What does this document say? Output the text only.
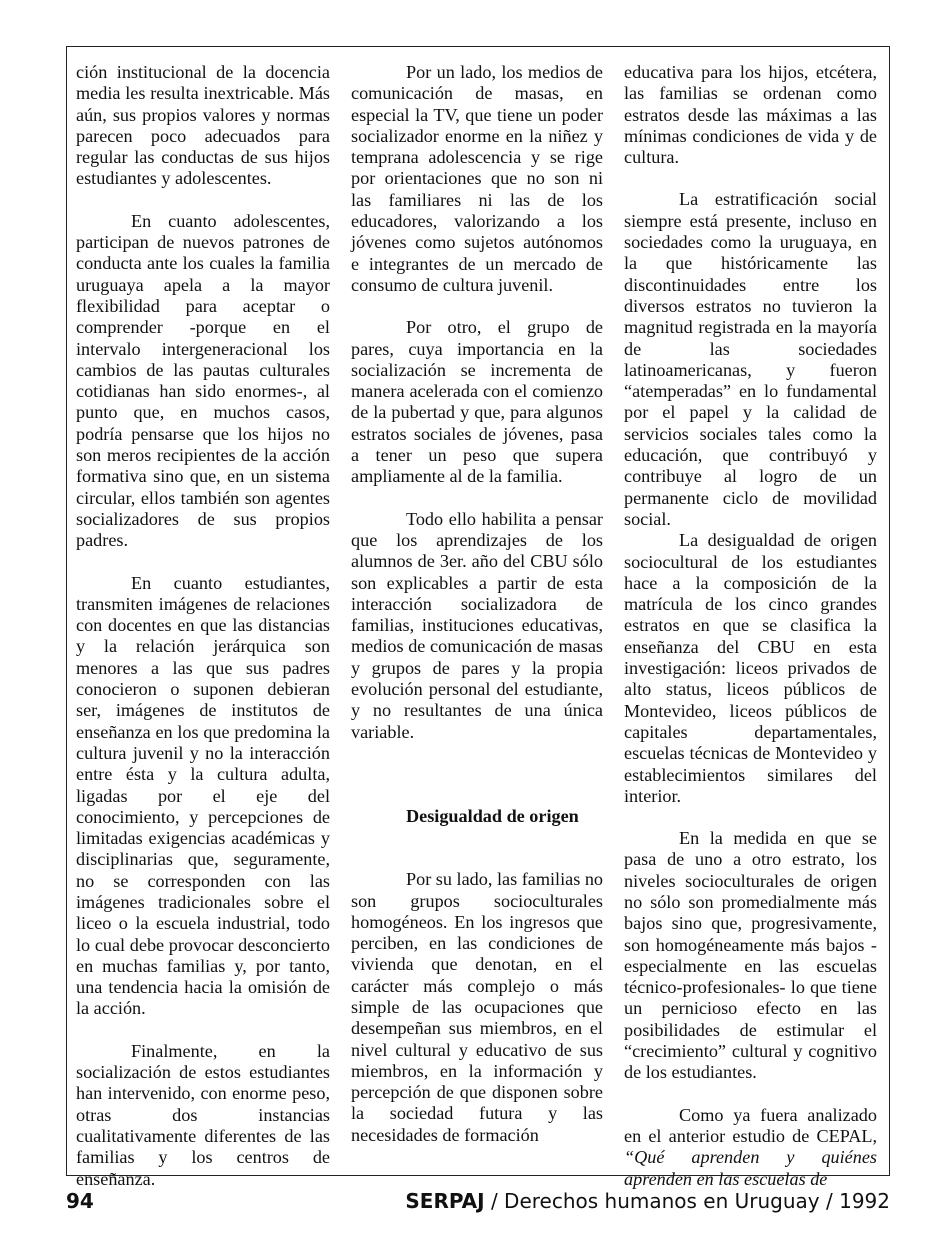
ción institucional de la docencia media les resulta inextricable. Más aún, sus propios valores y normas parecen poco adecuados para regular las conductas de sus hijos estudiantes y adolescentes.

En cuanto adolescentes, participan de nuevos patrones de conducta ante los cuales la familia uruguaya apela a la mayor flexibilidad para aceptar o comprender -porque en el intervalo intergeneracional los cambios de las pautas culturales cotidianas han sido enormes-, al punto que, en muchos casos, podría pensarse que los hijos no son meros recipientes de la acción formativa sino que, en un sistema circular, ellos también son agentes socializadores de sus propios padres.

En cuanto estudiantes, transmiten imágenes de relaciones con docentes en que las distancias y la relación jerárquica son menores a las que sus padres conocieron o suponen debieran ser, imágenes de institutos de enseñanza en los que predomina la cultura juvenil y no la interacción entre ésta y la cultura adulta, ligadas por el eje del conocimiento, y percepciones de limitadas exigencias académicas y disciplinarias que, seguramente, no se corresponden con las imágenes tradicionales sobre el liceo o la escuela industrial, todo lo cual debe provocar desconcierto en muchas familias y, por tanto, una tendencia hacia la omisión de la acción.

Finalmente, en la socialización de estos estudiantes han intervenido, con enorme peso, otras dos instancias cualitativamente diferentes de las familias y los centros de enseñanza.

Por un lado, los medios de comunicación de masas, en especial la TV, que tiene un poder socializador enorme en la niñez y temprana adolescencia y se rige por orientaciones que no son ni las familiares ni las de los educadores, valorizando a los jóvenes como sujetos autónomos e integrantes de un mercado de consumo de cultura juvenil.

Por otro, el grupo de pares, cuya importancia en la socialización se incrementa de manera acelerada con el comienzo de la pubertad y que, para algunos estratos sociales de jóvenes, pasa a tener un peso que supera ampliamente al de la familia.

Todo ello habilita a pensar que los aprendizajes de los alumnos de 3er. año del CBU sólo son explicables a partir de esta interacción socializadora de familias, instituciones educativas, medios de comunicación de masas y grupos de pares y la propia evolución personal del estudiante, y no resultantes de una única variable.

Desigualdad de origen

Por su lado, las familias no son grupos socioculturales homogéneos. En los ingresos que perciben, en las condiciones de vivienda que denotan, en el carácter más complejo o más simple de las ocupaciones que desempeñan sus miembros, en el nivel cultural y educativo de sus miembros, en la información y percepción de que disponen sobre la sociedad futura y las necesidades de formación

educativa para los hijos, etcétera, las familias se ordenan como estratos desde las máximas a las mínimas condiciones de vida y de cultura.

La estratificación social siempre está presente, incluso en sociedades como la uruguaya, en la que históricamente las discontinuidades entre los diversos estratos no tuvieron la magnitud registrada en la mayoría de las sociedades latinoamericanas, y fueron “atemperadas” en lo fundamental por el papel y la calidad de servicios sociales tales como la educación, que contribuyó y contribuye al logro de un permanente ciclo de movilidad social.

La desigualdad de origen sociocultural de los estudiantes hace a la composición de la matrícula de los cinco grandes estratos en que se clasifica la enseñanza del CBU en esta investigación: liceos privados de alto status, liceos públicos de Montevideo, liceos públicos de capitales departamentales, escuelas técnicas de Montevideo y establecimientos similares del interior.

En la medida en que se pasa de uno a otro estrato, los niveles socioculturales de origen no sólo son promedialmente más bajos sino que, progresivamente, son homogéneamente más bajos -especialmente en las escuelas técnico-profesionales- lo que tiene un pernicioso efecto en las posibilidades de estimular el “crecimiento” cultural y cognitivo de los estudiantes.

Como ya fuera analizado en el anterior estudio de CEPAL, “Qué aprenden y quiénes aprenden en las escuelas de

94	SERPAJ / Derechos humanos en Uruguay / 1992
